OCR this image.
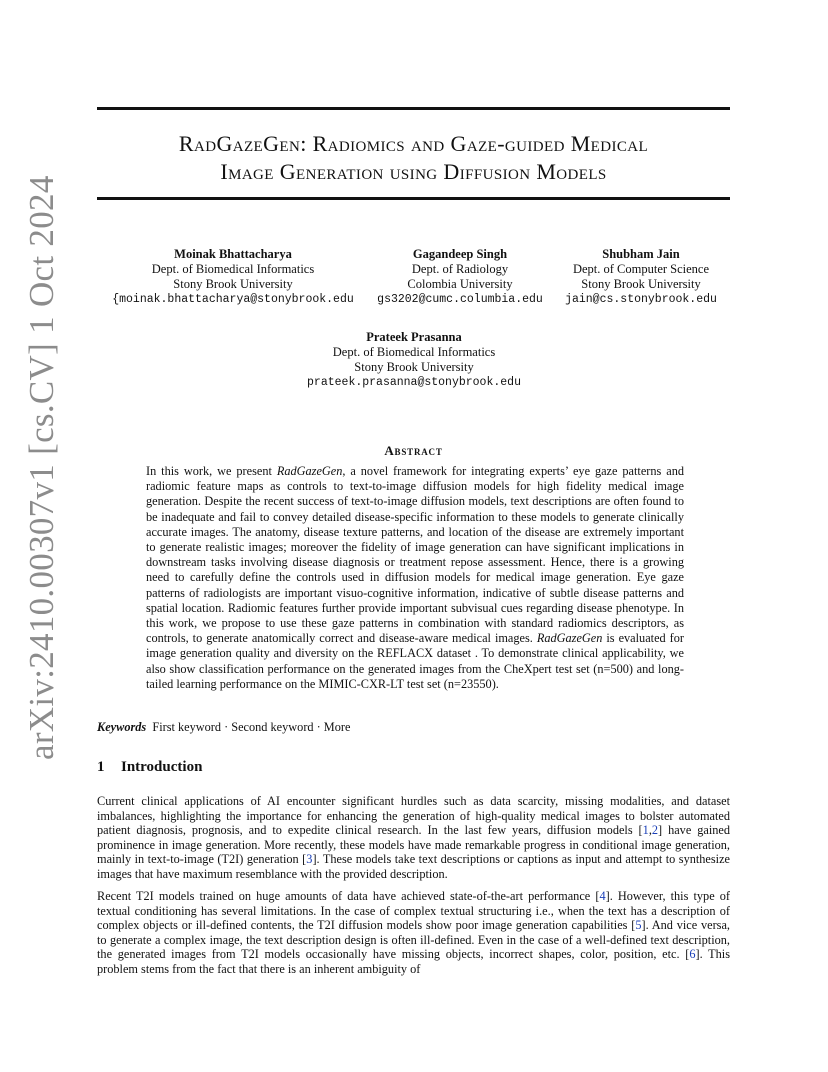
arXiv:2410.00307v1 [cs.CV] 1 Oct 2024
RadGazeGen: Radiomics and Gaze-guided Medical
Image Generation using Diffusion Models
Moinak Bhattacharya
Dept. of Biomedical Informatics
Stony Brook University
{moinak.bhattacharya@stonybrook.edu
Gagandeep Singh
Dept. of Radiology
Colombia University
gs3202@cumc.columbia.edu
Shubham Jain
Dept. of Computer Science
Stony Brook University
jain@cs.stonybrook.edu
Prateek Prasanna
Dept. of Biomedical Informatics
Stony Brook University
prateek.prasanna@stonybrook.edu
Abstract

In this work, we present RadGazeGen, a novel framework for integrating experts’ eye gaze patterns and radiomic feature maps as controls to text-to-image diffusion models for high fidelity medical image generation. Despite the recent success of text-to-image diffusion models, text descriptions are often found to be inadequate and fail to convey detailed disease-specific information to these models to generate clinically accurate images. The anatomy, disease texture patterns, and location of the disease are extremely important to generate realistic images; moreover the fidelity of image generation can have significant implications in downstream tasks involving disease diagnosis or treatment repose assessment. Hence, there is a growing need to carefully define the controls used in diffusion models for medical image generation. Eye gaze patterns of radiologists are important visuo-cognitive information, indicative of subtle disease patterns and spatial location. Radiomic features further provide important subvisual cues regarding disease phenotype. In this work, we propose to use these gaze patterns in combination with standard radiomics descriptors, as controls, to generate anatomically correct and disease-aware medical images. RadGazeGen is evaluated for image generation quality and diversity on the REFLACX dataset . To demonstrate clinical applicability, we also show classification performance on the generated images from the CheXpert test set (n=500) and long-tailed learning performance on the MIMIC-CXR-LT test set (n=23550).

Keywords First keyword · Second keyword · More
1 Introduction

Current clinical applications of AI encounter significant hurdles such as data scarcity, missing modalities, and dataset imbalances, highlighting the importance for enhancing the generation of high-quality medical images to bolster automated patient diagnosis, prognosis, and to expedite clinical research. In the last few years, diffusion models [1,2] have gained prominence in image generation. More recently, these models have made remarkable progress in conditional image generation, mainly in text-to-image (T2I) generation [3]. These models take text descriptions or captions as input and attempt to synthesize images that have maximum resemblance with the provided description.

Recent T2I models trained on huge amounts of data have achieved state-of-the-art performance [4]. However, this type of textual conditioning has several limitations. In the case of complex textual structuring i.e., when the text has a description of complex objects or ill-defined contents, the T2I diffusion models show poor image generation capabilities [5]. And vice versa, to generate a complex image, the text description design is often ill-defined. Even in the case of a well-defined text description, the generated images from T2I models occasionally have missing objects, incorrect shapes, color, position, etc. [6]. This problem stems from the fact that there is an inherent ambiguity of
